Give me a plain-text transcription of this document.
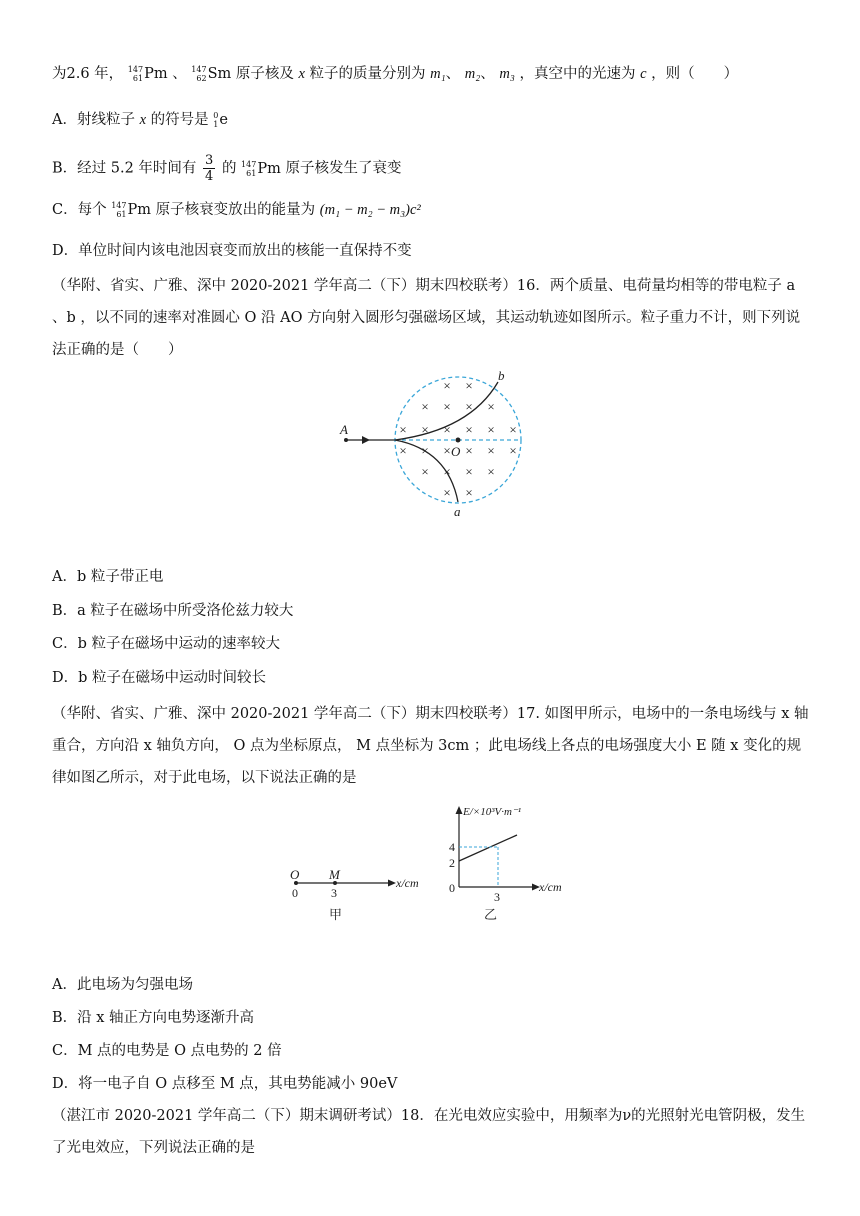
为2.6 年， 147
61 Pm 、 147
62 Sm 原子核及 x 粒子的质量分别为 m₁、 m₂、 m₃ ，真空中的光速为 c ，则（　　）
A．射线粒子 x 的符号是 0
1 e
B．经过 5.2 年时间有 $\frac{3}{4}$ 的 147
61 Pm 原子核发生了衰变
C．每个 147
61 Pm 原子核衰变放出的能量为 (m₁ − m₂ − m₃)c²
D．单位时间内该电池因衰变而放出的核能一直保持不变
（华附、省实、广雅、深中 2020-2021 学年高二（下）期末四校联考）16．两个质量、电荷量均相等的带电粒子 a 、b ，以不同的速率对准圆心 O 沿 AO 方向射入圆形匀强磁场区域，其运动轨迹如图所示。粒子重力不计，则下列说法正确的是（　　）
× ×
× × × ×
× × × × × ×
× × × × × ×
× × × ×
× ×
A
O
b
a
A．b 粒子带正电
B．a 粒子在磁场中所受洛伦兹力较大
C．b 粒子在磁场中运动的速率较大
D．b 粒子在磁场中运动时间较长
（华附、省实、广雅、深中 2020-2021 学年高二（下）期末四校联考）17. 如图甲所示，电场中的一条电场线与 x 轴重合，方向沿 x 轴负方向， O 点为坐标原点， M 点坐标为 3cm ；此电场线上各点的电场强度大小 E 随 x 变化的规律如图乙所示，对于此电场，以下说法正确的是
O M
0	3
x/cm
甲
E/×10³V·m⁻¹
4
2
0
3
x/cm
乙
A．此电场为匀强电场
B．沿 x 轴正方向电势逐渐升高
C．M 点的电势是 O 点电势的 2 倍
D．将一电子自 O 点移至 M 点，其电势能减小 90eV
（湛江市 2020-2021 学年高二（下）期末调研考试）18．在光电效应实验中，用频率为ν的光照射光电管阴极，发生了光电效应，下列说法正确的是
